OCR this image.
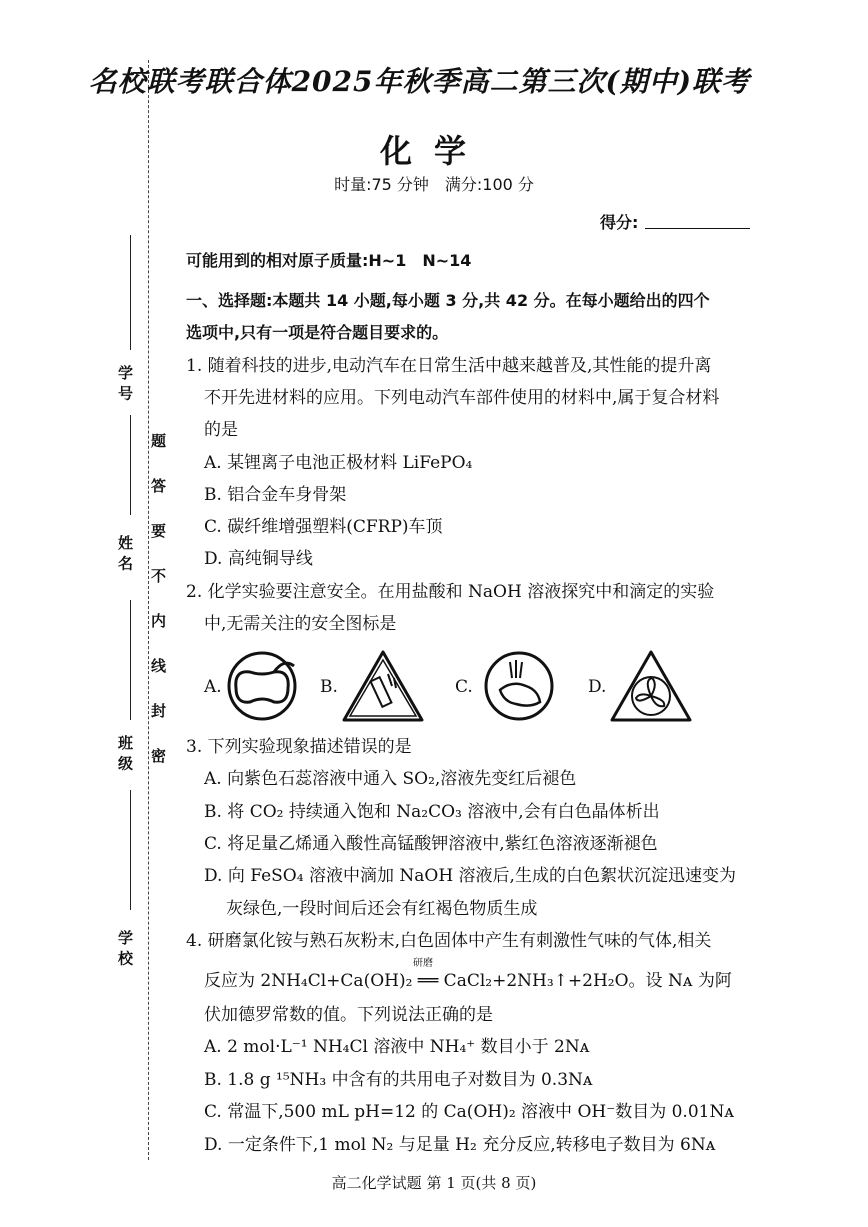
题
答
要
不
内
线
封
密
学 号
姓 名
班 级
学 校
名校联考联合体2025年秋季高二第三次(期中)联考
化学
时量:75 分钟　满分:100 分
得分:
可能用到的相对原子质量:H~1　N~14
一、选择题:本题共 14 小题,每小题 3 分,共 42 分。在每小题给出的四个
选项中,只有一项是符合题目要求的。
1. 随着科技的进步,电动汽车在日常生活中越来越普及,其性能的提升离
不开先进材料的应用。下列电动汽车部件使用的材料中,属于复合材料
的是
A. 某锂离子电池正极材料 LiFePO₄
B. 铝合金车身骨架
C. 碳纤维增强塑料(CFRP)车顶
D. 高纯铜导线
2. 化学实验要注意安全。在用盐酸和 NaOH 溶液探究中和滴定的实验
中,无需关注的安全图标是
A.	B.	C.	D.
3. 下列实验现象描述错误的是
A. 向紫色石蕊溶液中通入 SO₂,溶液先变红后褪色
B. 将 CO₂ 持续通入饱和 Na₂CO₃ 溶液中,会有白色晶体析出
C. 将足量乙烯通入酸性高锰酸钾溶液中,紫红色溶液逐渐褪色
D. 向 FeSO₄ 溶液中滴加 NaOH 溶液后,生成的白色絮状沉淀迅速变为
灰绿色,一段时间后还会有红褐色物质生成
4. 研磨氯化铵与熟石灰粉末,白色固体中产生有刺激性气味的气体,相关
研磨
反应为 2NH₄Cl+Ca(OH)₂ ══ CaCl₂+2NH₃↑+2H₂O。设 Nᴀ 为阿
伏加德罗常数的值。下列说法正确的是
A. 2 mol·L⁻¹ NH₄Cl 溶液中 NH₄⁺ 数目小于 2Nᴀ
B. 1.8 g ¹⁵NH₃ 中含有的共用电子对数目为 0.3Nᴀ
C. 常温下,500 mL pH=12 的 Ca(OH)₂ 溶液中 OH⁻数目为 0.01Nᴀ
D. 一定条件下,1 mol N₂ 与足量 H₂ 充分反应,转移电子数目为 6Nᴀ
高二化学试题 第 1 页(共 8 页)
